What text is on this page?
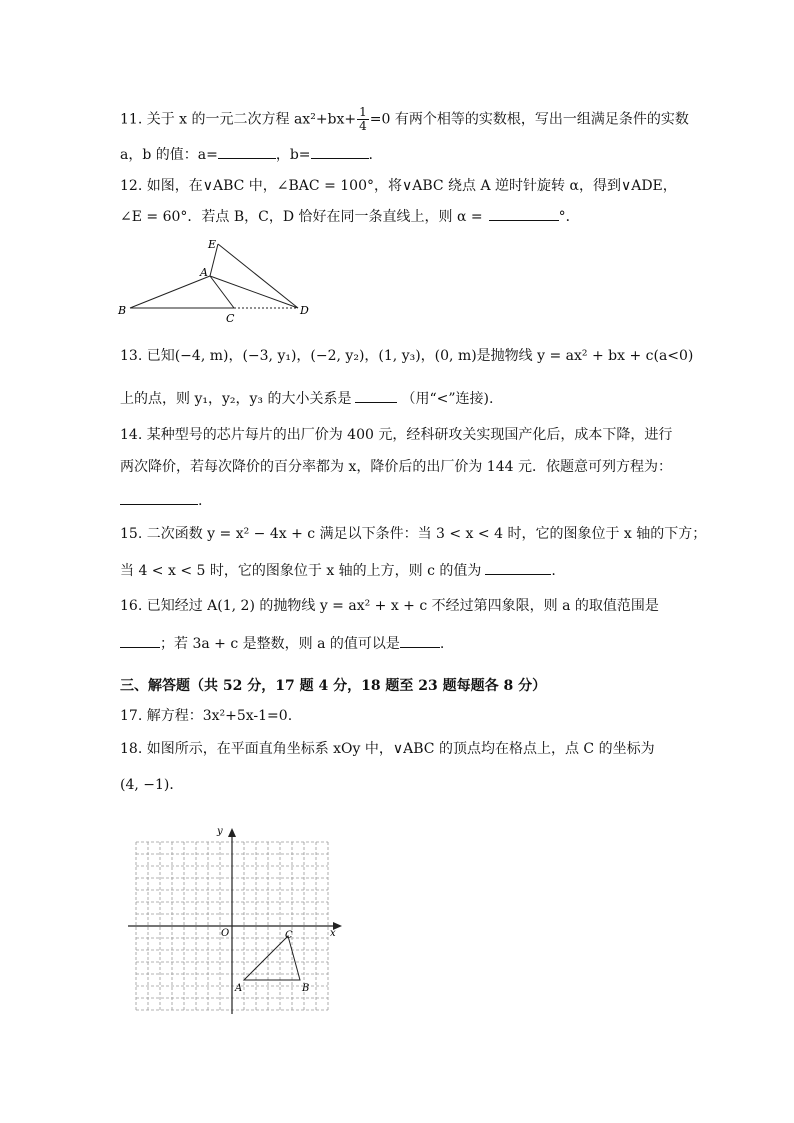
11. 关于 x 的一元二次方程 $ax^2+bx+ \frac{1}{4} =0$ 有两个相等的实数根，写出一组满足条件的实数
a，b 的值：a=	，b=	.
12. 如图，在∨ABC 中，∠BAC = 100°，将∨ABC 绕点 A 逆时针旋转 α，得到∨ADE，
∠E = 60°．若点 B，C，D 恰好在同一条直线上，则 α =	°．
E
A
B
C
D
13. 已知(−4, m)，(−3, y₁)，(−2, y₂)，(1, y₃)，(0, m)是抛物线 y = ax² + bx + c(a<0)
上的点，则 y₁，y₂，y₃ 的大小关系是	（用“<”连接).
14. 某种型号的芯片每片的出厂价为 400 元，经科研攻关实现国产化后，成本下降，进行
两次降价，若每次降价的百分率都为 x，降价后的出厂价为 144 元．依题意可列方程为：
.
15. 二次函数 y = x² − 4x + c 满足以下条件：当 3 < x < 4 时，它的图象位于 x 轴的下方；
当 4 < x < 5 时，它的图象位于 x 轴的上方，则 c 的值为	.
16. 已知经过 A(1, 2) 的抛物线 y = ax² + x + c 不经过第四象限，则 a 的取值范围是
；若 3a + c 是整数，则 a 的值可以是	.
三、解答题（共 52 分，17 题 4 分，18 题至 23 题每题各 8 分）
17. 解方程：3x²+5x-1=0.
18. 如图所示，在平面直角坐标系 xOy 中，∨ABC 的顶点均在格点上，点 C 的坐标为
(4, −1)．
y
x
O
A	B
C
